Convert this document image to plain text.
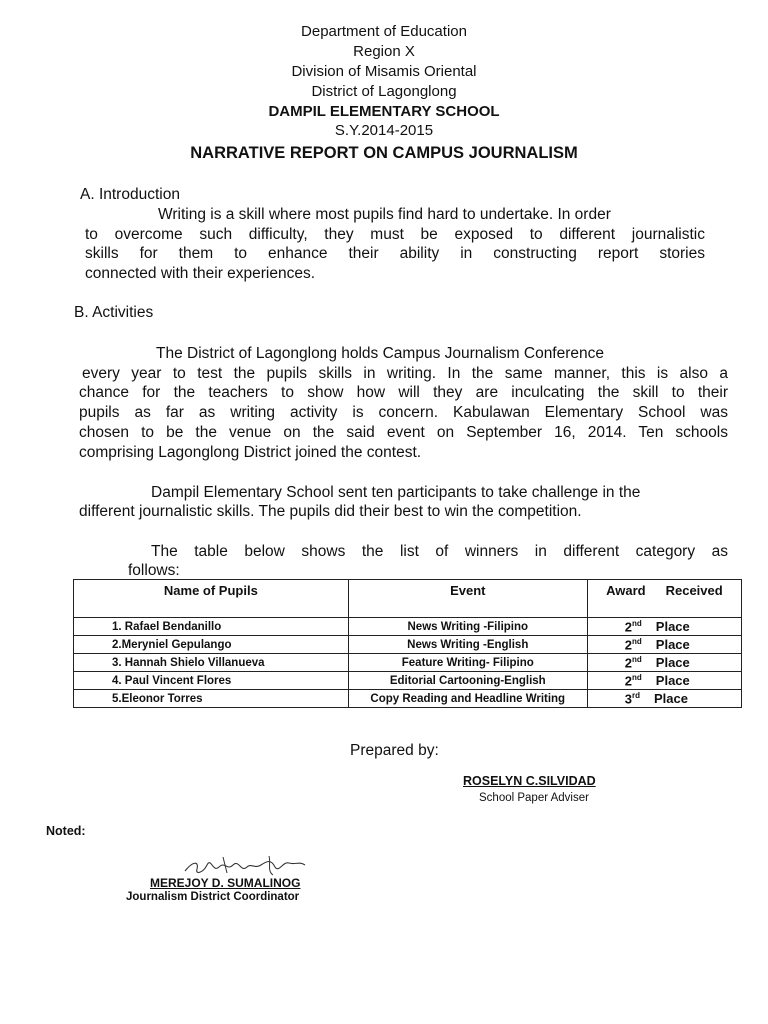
Department of Education
Region X
Division of Misamis Oriental
District of Lagonglong
DAMPIL ELEMENTARY SCHOOL
S.Y.2014-2015
NARRATIVE REPORT ON CAMPUS JOURNALISM
A. Introduction
Writing is a skill where most pupils find hard to undertake. In order
to overcome such difficulty, they must be exposed to different journalistic
skills for them to enhance their ability in constructing report stories
connected with their experiences.
B. Activities
The District of Lagonglong holds Campus Journalism Conference
every year to test the pupils skills in writing. In the same manner, this is also a
chance for the teachers to show how will they are inculcating the skill to their
pupils as far as writing activity is concern. Kabulawan Elementary School was
chosen to be the venue on the said event on September 16, 2014. Ten schools
comprising Lagonglong District joined the contest.
Dampil Elementary School sent ten participants to take challenge in the
different journalistic skills. The pupils did their best to win the competition.
The table below shows the list of winners in different category as
follows:
Name of Pupils	Event	Award Received
1. Rafael Bendanillo	News Writing -Filipino	2nd Place

2.Meryniel Gepulango	News Writing -English	2nd Place

3. Hannah Shielo Villanueva	Feature Writing- Filipino	2nd Place

4. Paul Vincent Flores	Editorial Cartooning-English	2nd Place

5.Eleonor Torres	Copy Reading and Headline Writing	3rd Place
Prepared by:
ROSELYN C.SILVIDAD
School Paper Adviser
Noted:
MEREJOY D. SUMALINOG
Journalism District Coordinator
